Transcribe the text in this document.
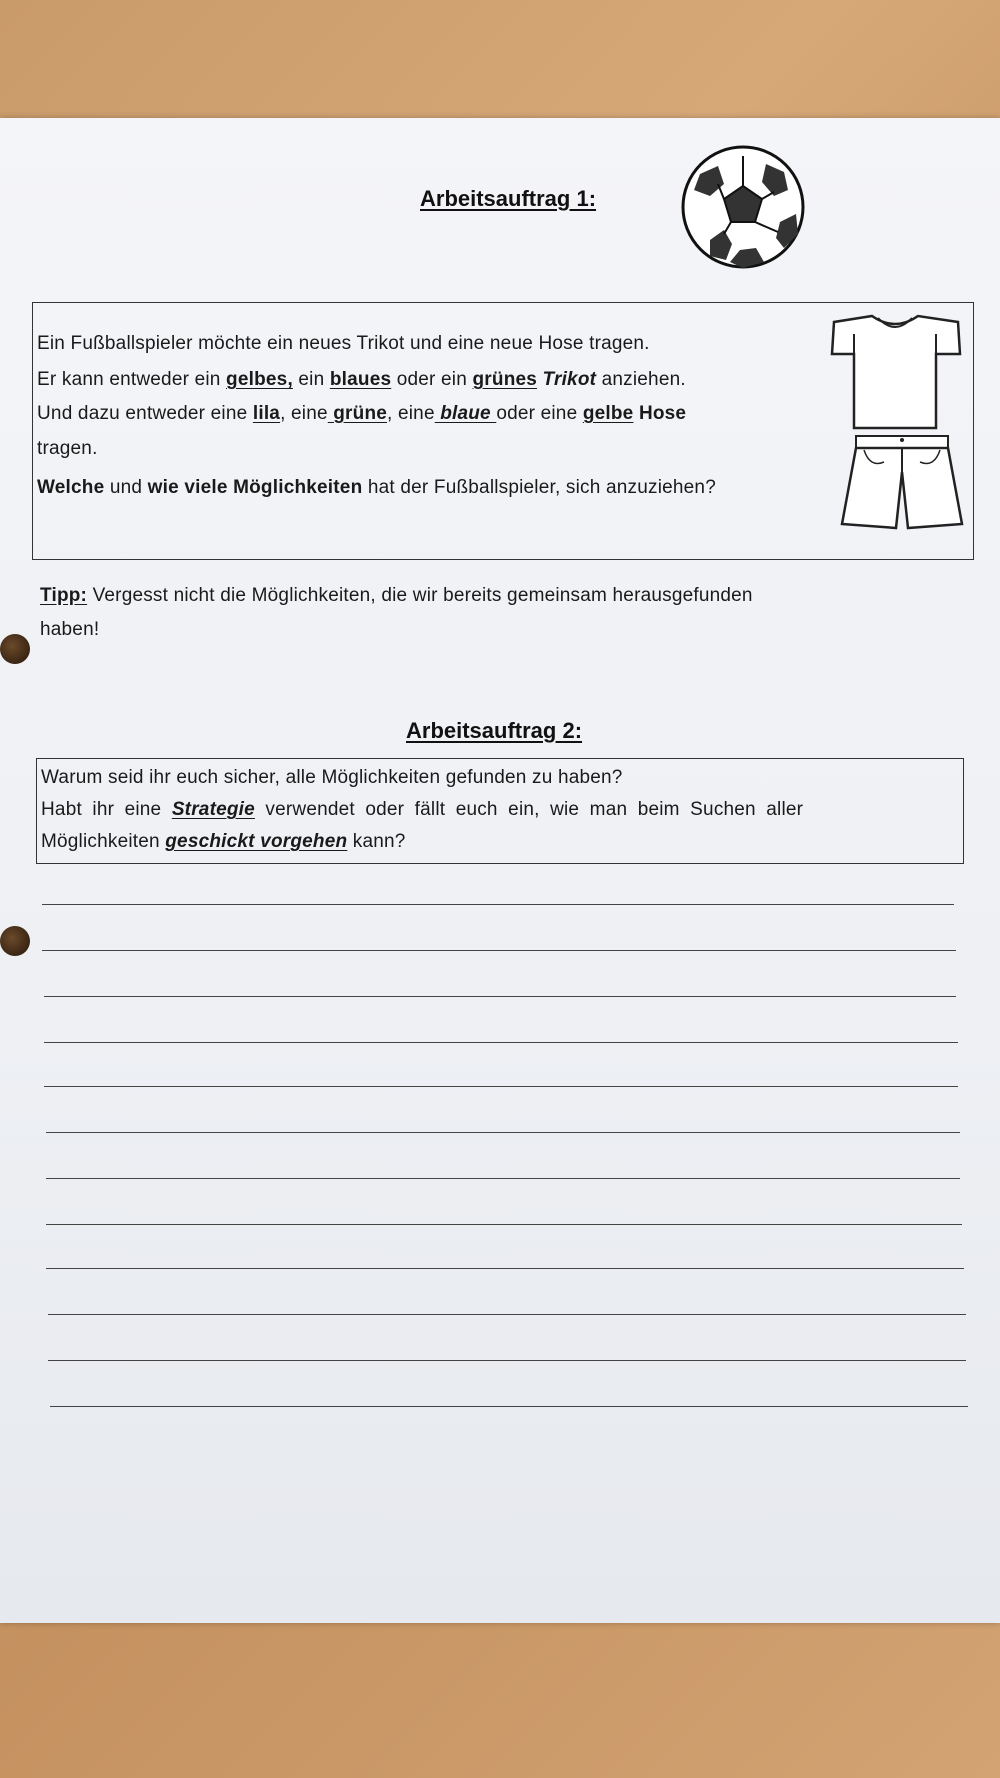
Arbeitsauftrag 1:
Ein Fußballspieler möchte ein neues Trikot und eine neue Hose tragen.
Er kann entweder ein gelbes, ein blaues oder ein grünes Trikot anziehen.
Und dazu entweder eine lila, eine grüne, eine blaue oder eine gelbe Hose
tragen.
Welche und wie viele Möglichkeiten hat der Fußballspieler, sich anzuziehen?
Tipp: Vergesst nicht die Möglichkeiten, die wir bereits gemeinsam herausgefunden
haben!
Arbeitsauftrag 2:
Warum seid ihr euch sicher, alle Möglichkeiten gefunden zu haben?
Habt ihr eine Strategie verwendet oder fällt euch ein, wie man beim Suchen aller
Möglichkeiten geschickt vorgehen kann?
